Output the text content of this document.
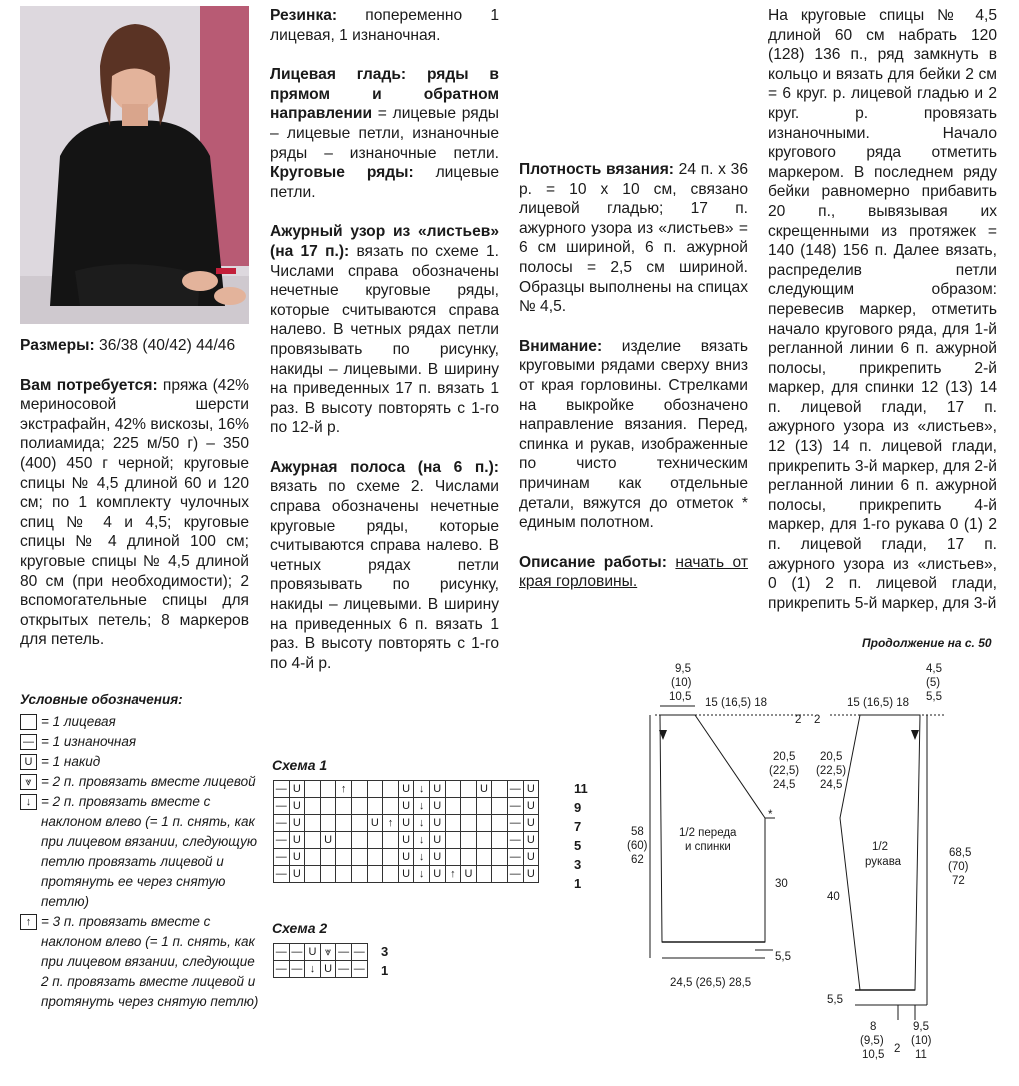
Размеры: 36/38 (40/42) 44/46

Вам потребуется: пряжа (42% мериносовой шерсти экстрафайн, 42% вискозы, 16% полиамида; 225 м/50 г) – 350 (400) 450 г черной; круговые спицы № 4,5 длиной 60 и 120 см; по 1 комплекту чулочных спиц № 4 и 4,5; круговые спицы № 4 длиной 100 см; круговые спицы № 4,5 длиной 80 см (при необходимости); 2 вспомогательные спицы для открытых петель; 8 маркеров для петель.

Резинка: попеременно 1 лицевая, 1 изнаночная.

Лицевая гладь: ряды в прямом и обратном направлении = лицевые ряды – лицевые петли, изнаночные ряды – изнаночные петли. Круговые ряды: лицевые петли.

Ажурный узор из «листьев» (на 17 п.): вязать по схеме 1. Числами справа обозначены нечетные круговые ряды, которые считываются справа налево. В четных рядах петли провязывать по рисунку, накиды – лицевыми. В ширину на приведенных 17 п. вязать 1 раз. В высоту повторять с 1-го по 12-й р.

Ажурная полоса (на 6 п.): вязать по схеме 2. Числами справа обозначены нечетные круговые ряды, которые считываются справа налево. В четных рядах петли провязывать по рисунку, накиды – лицевыми. В ширину на приведенных 6 п. вязать 1 раз. В высоту повторять с 1-го по 4-й р.

Плотность вязания: 24 п. x 36 р. = 10 x 10 см, связано лицевой гладью; 17 п. ажурного узора из «листьев» = 6 см шириной, 6 п. ажурной полосы = 2,5 см шириной. Образцы выполнены на спицах № 4,5.

Внимание: изделие вязать круговыми рядами сверху вниз от края горловины. Стрелками на выкройке обозначено направление вязания. Перед, спинка и рукав, изображенные по чисто техническим причинам как отдельные детали, вяжутся до отметок * единым полотном.

Описание работы: начать от края горловины.

На круговые спицы № 4,5 длиной 60 см набрать 120 (128) 136 п., ряд замкнуть в кольцо и вязать для бейки 2 см = 6 круг. р. лицевой гладью и 2 круг. р. провязать изнаночными. Начало кругового ряда отметить маркером. В последнем ряду бейки равномерно прибавить 20 п., вывязывая их скрещенными из протяжек = 140 (148) 156 п. Далее вязать, распределив петли следующим образом: перевесив маркер, отметить начало кругового ряда, для 1-й регланной линии 6 п. ажурной полосы, прикрепить 2-й маркер, для спинки 12 (13) 14 п. лицевой глади, 17 п. ажурного узора из «листьев», 12 (13) 14 п. лицевой глади, прикрепить 3-й маркер, для 2-й регланной линии 6 п. ажурной полосы, прикрепить 4-й маркер, для 1-го рукава 0 (1) 2 п. лицевой глади, 17 п. ажурного узора из «листьев», 0 (1) 2 п. лицевой глади, прикрепить 5-й маркер, для 3-й

Продолжение на с. 50
Условные обозначения:
= 1 лицевая
— = 1 изнаночная
U = 1 накид
⩔ = 2 п. провязать вместе лицевой
↓ = 2 п. провязать вместе с наклоном влево (= 1 п. снять, как при лицевом вязании, следующую петлю провязать лицевой и протянуть ее через снятую петлю)
↑ = 3 п. провязать вместе с наклоном влево (= 1 п. снять, как при лицевом вязании, следующие 2 п. провязать вместе лицевой и протянуть через снятую петлю)
Схема 1
—	U			↑				U	↓	U			U		—	U
—	U							U	↓	U					—	U
—	U					U	↑	U	↓	U					—	U
—	U		U					U	↓	U					—	U
—	U							U	↓	U					—	U
—	U							U	↓	U	↑	U			—	U
11
9
7
5
3
1
Схема 2
—	—	U	⩔	—	—
—	—	↓	U	—	—
3
1
9,5
(10)
10,5 15 (16,5) 18
2
20,5
(22,5)
24,5
*
58
(60)
62
1/2 переда
и спинки
30
5,5
24,5 (26,5) 28,5
4,5
(5)
5,5
15 (16,5) 18
2
20,5
(22,5)
24,5
1/2
рукава
40
68,5
(70)
72
5,5
8
(9,5)
10,5 2
9,5
(10)
11
